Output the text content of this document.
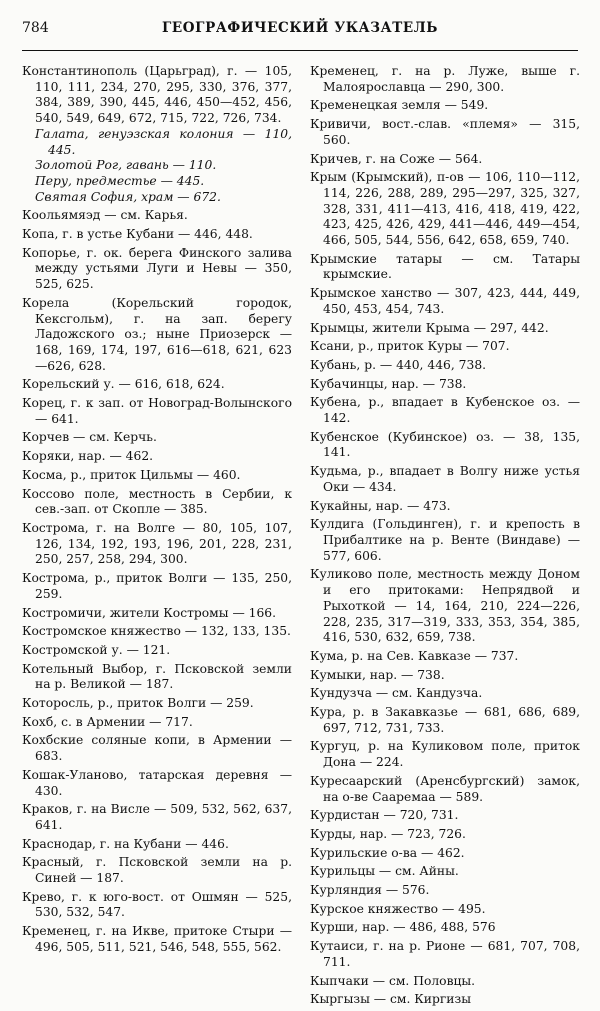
784	ГЕОГРАФИЧЕСКИЙ УКАЗАТЕЛЬ
Константинополь (Царьград), г. — 105, 110, 111, 234, 270, 295, 330, 376, 377, 384, 389, 390, 445, 446, 450—452, 456, 540, 549, 649, 672, 715, 722, 726, 734.
Галата, генуэзская колония — 110, 445.
Золотой Рог, гавань — 110.
Перу, предместье — 445.
Святая София, храм — 672.
Коольямяэд — см. Карья.
Копа, г. в устье Кубани — 446, 448.
Копорье, г. ок. берега Финского залива между устьями Луги и Невы — 350, 525, 625.
Корела (Корельский городок, Кексгольм), г. на зап. берегу Ладожского оз.; ныне Приозерск — 168, 169, 174, 197, 616—618, 621, 623—626, 628.
Корельский у. — 616, 618, 624.
Корец, г. к зап. от Новоград-Волынского — 641.
Корчев — см. Керчь.
Коряки, нар. — 462.
Косма, р., приток Цильмы — 460.
Коссово поле, местность в Сербии, к сев.-зап. от Скопле — 385.
Кострома, г. на Волге — 80, 105, 107, 126, 134, 192, 193, 196, 201, 228, 231, 250, 257, 258, 294, 300.
Кострома, р., приток Волги — 135, 250, 259.
Костромичи, жители Костромы — 166.
Костромское княжество — 132, 133, 135.
Костромской у. — 121.
Котельный Выбор, г. Псковской земли на р. Великой — 187.
Которосль, р., приток Волги — 259.
Кохб, с. в Армении — 717.
Кохбские соляные копи, в Армении — 683.
Кошак-Уланово, татарская деревня — 430.
Краков, г. на Висле — 509, 532, 562, 637, 641.
Краснодар, г. на Кубани — 446.
Красный, г. Псковской земли на р. Синей — 187.
Крево, г. к юго-вост. от Ошмян — 525, 530, 532, 547.
Кременец, г. на Икве, притоке Стыри — 496, 505, 511, 521, 546, 548, 555, 562.
Кременец, г. на р. Луже, выше г. Малоярославца — 290, 300.
Кременецкая земля — 549.
Кривичи, вост.-слав. «племя» — 315, 560.
Кричев, г. на Соже — 564.
Крым (Крымский), п-ов — 106, 110—112, 114, 226, 288, 289, 295—297, 325, 327, 328, 331, 411—413, 416, 418, 419, 422, 423, 425, 426, 429, 441—446, 449—454, 466, 505, 544, 556, 642, 658, 659, 740.
Крымские татары — см. Татары крымские.
Крымское ханство — 307, 423, 444, 449, 450, 453, 454, 743.
Крымцы, жители Крыма — 297, 442.
Ксани, р., приток Куры — 707.
Кубань, р. — 440, 446, 738.
Кубачинцы, нар. — 738.
Кубена, р., впадает в Кубенское оз. — 142.
Кубенское (Кубинское) оз. — 38, 135, 141.
Кудьма, р., впадает в Волгу ниже устья Оки — 434.
Кукайны, нар. — 473.
Кулдига (Гольдинген), г. и крепость в Прибалтике на р. Венте (Виндаве) — 577, 606.
Куликово поле, местность между Доном и его притоками: Непрядвой и Рыхоткой — 14, 164, 210, 224—226, 228, 235, 317—319, 333, 353, 354, 385, 416, 530, 632, 659, 738.
Кума, р. на Сев. Кавказе — 737.
Кумыки, нар. — 738.
Кундузча — см. Кандузча.
Кура, р. в Закавказье — 681, 686, 689, 697, 712, 731, 733.
Кургуц, р. на Куликовом поле, приток Дона — 224.
Куресаарский (Аренсбургский) замок, на о-ве Сааремаа — 589.
Курдистан — 720, 731.
Курды, нар. — 723, 726.
Курильские о-ва — 462.
Курильцы — см. Айны.
Курляндия — 576.
Курское княжество — 495.
Курши, нар. — 486, 488, 576
Кутаиси, г. на р. Рионе — 681, 707, 708, 711.
Кыпчаки — см. Половцы.
Кыргызы — см. Киргизы
